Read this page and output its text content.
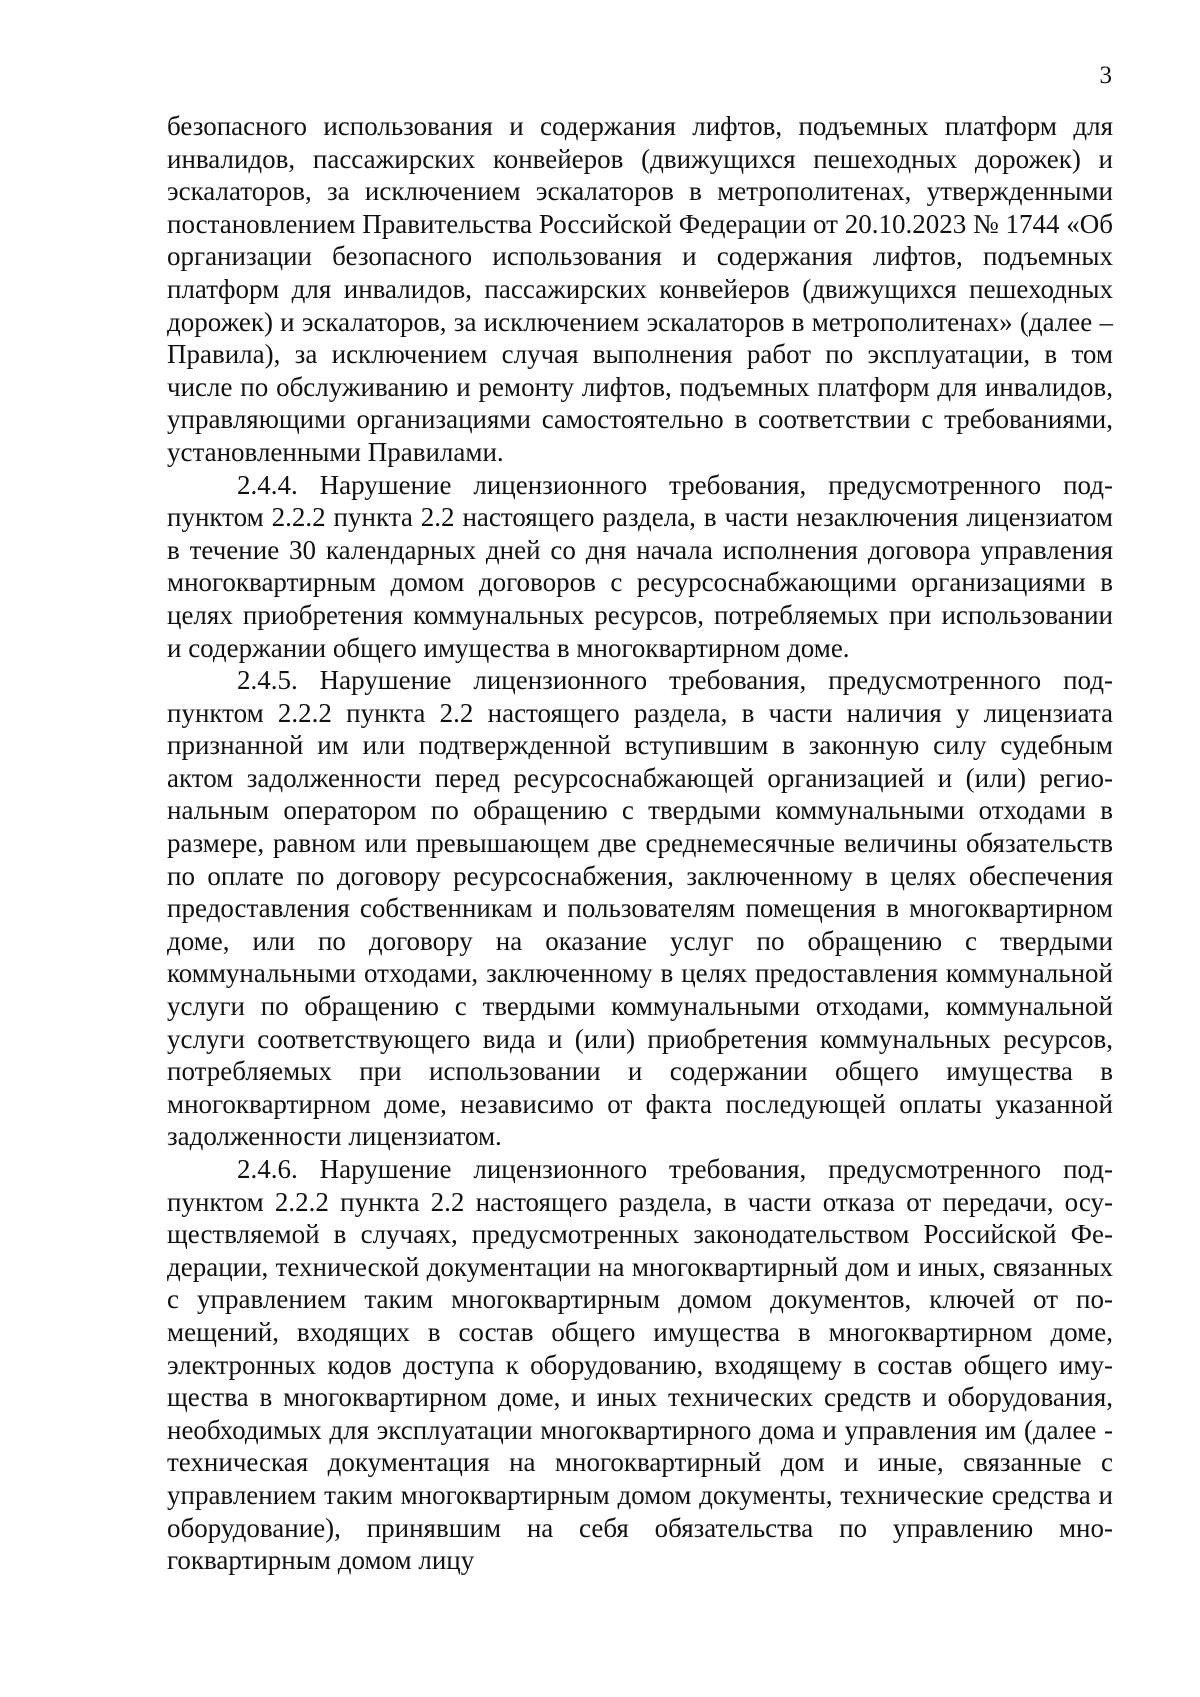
3

безопасного использования и содержания лифтов, подъемных платформ для инвалидов, пассажирских конвейеров (движущихся пешеходных дорожек) и эскалаторов, за исключением эскалаторов в метрополитенах, утвержденными постановлением Правительства Российской Федерации от 20.10.2023 № 1744 «Об организации безопасного использования и содержания лифтов, подъемных платформ для инвалидов, пассажирских конвейеров (движущихся пешеходных дорожек) и эскалаторов, за исключением эскалаторов в метрополитенах» (далее – Правила), за исключением случая выполнения работ по эксплуатации, в том числе по обслуживанию и ремонту лифтов, подъемных платформ для инвалидов, управляющими организациями самостоятельно в соответствии с требованиями, установленными Правилами.

2.4.4. Нарушение лицензионного требования, предусмотренного подпунктом 2.2.2 пункта 2.2 настоящего раздела, в части незаключения лицензиатом в течение 30 календарных дней со дня начала исполнения договора управления многоквартирным домом договоров с ресурсоснабжающими организациями в целях приобретения коммунальных ресурсов, потребляемых при использовании и содержании общего имущества в многоквартирном доме.

2.4.5. Нарушение лицензионного требования, предусмотренного подпунктом 2.2.2 пункта 2.2 настоящего раздела, в части наличия у лицензиата признанной им или подтвержденной вступившим в законную силу судебным актом задолженности перед ресурсоснабжающей организацией и (или) региональным оператором по обращению с твердыми коммунальными отходами в размере, равном или превышающем две среднемесячные величины обязательств по оплате по договору ресурсоснабжения, заключенному в целях обеспечения предоставления собственникам и пользователям помещения в многоквартирном доме, или по договору на оказание услуг по обращению с твердыми коммунальными отходами, заключенному в целях предоставления коммунальной услуги по обращению с твердыми коммунальными отходами, коммунальной услуги соответствующего вида и (или) приобретения коммунальных ресурсов, потребляемых при использовании и содержании общего имущества в многоквартирном доме, независимо от факта последующей оплаты указанной задолженности лицензиатом.

2.4.6. Нарушение лицензионного требования, предусмотренного подпунктом 2.2.2 пункта 2.2 настоящего раздела, в части отказа от передачи, осуществляемой в случаях, предусмотренных законодательством Российской Федерации, технической документации на многоквартирный дом и иных, связанных с управлением таким многоквартирным домом документов, ключей от помещений, входящих в состав общего имущества в многоквартирном доме, электронных кодов доступа к оборудованию, входящему в состав общего имущества в многоквартирном доме, и иных технических средств и оборудования, необходимых для эксплуатации многоквартирного дома и управления им (далее - техническая документация на многоквартирный дом и иные, связанные с управлением таким многоквартирным домом документы, технические средства и оборудование), принявшим на себя обязательства по управлению многоквартирным домом лицу
